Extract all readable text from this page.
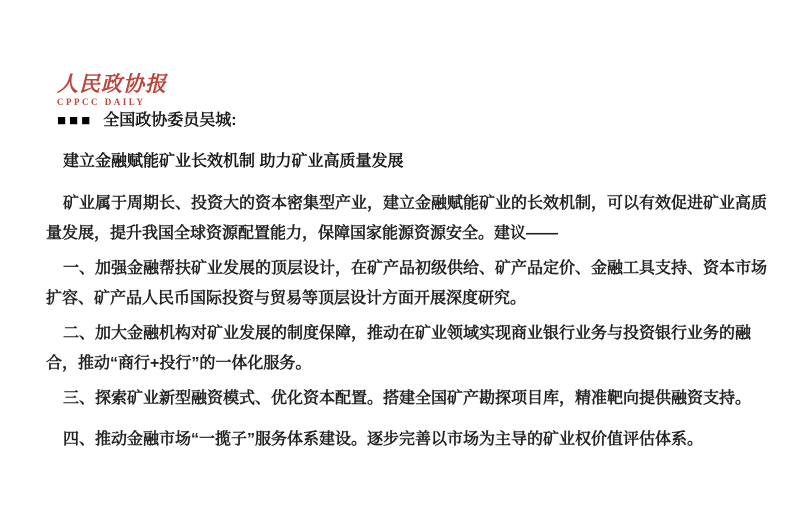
人民政协报
CPPCC DAILY
■■■ 全国政协委员吴城:
建立金融赋能矿业长效机制 助力矿业高质量发展

矿业属于周期长、投资大的资本密集型产业，建立金融赋能矿业的长效机制，可以有效促进矿业高质量发展，提升我国全球资源配置能力，保障国家能源资源安全。建议——

一、加强金融帮扶矿业发展的顶层设计，在矿产品初级供给、矿产品定价、金融工具支持、资本市场扩容、矿产品人民币国际投资与贸易等顶层设计方面开展深度研究。

二、加大金融机构对矿业发展的制度保障，推动在矿业领域实现商业银行业务与投资银行业务的融合，推动“商行+投行”的一体化服务。

三、探索矿业新型融资模式、优化资本配置。搭建全国矿产勘探项目库，精准靶向提供融资支持。

四、推动金融市场“一揽子”服务体系建设。逐步完善以市场为主导的矿业权价值评估体系。
